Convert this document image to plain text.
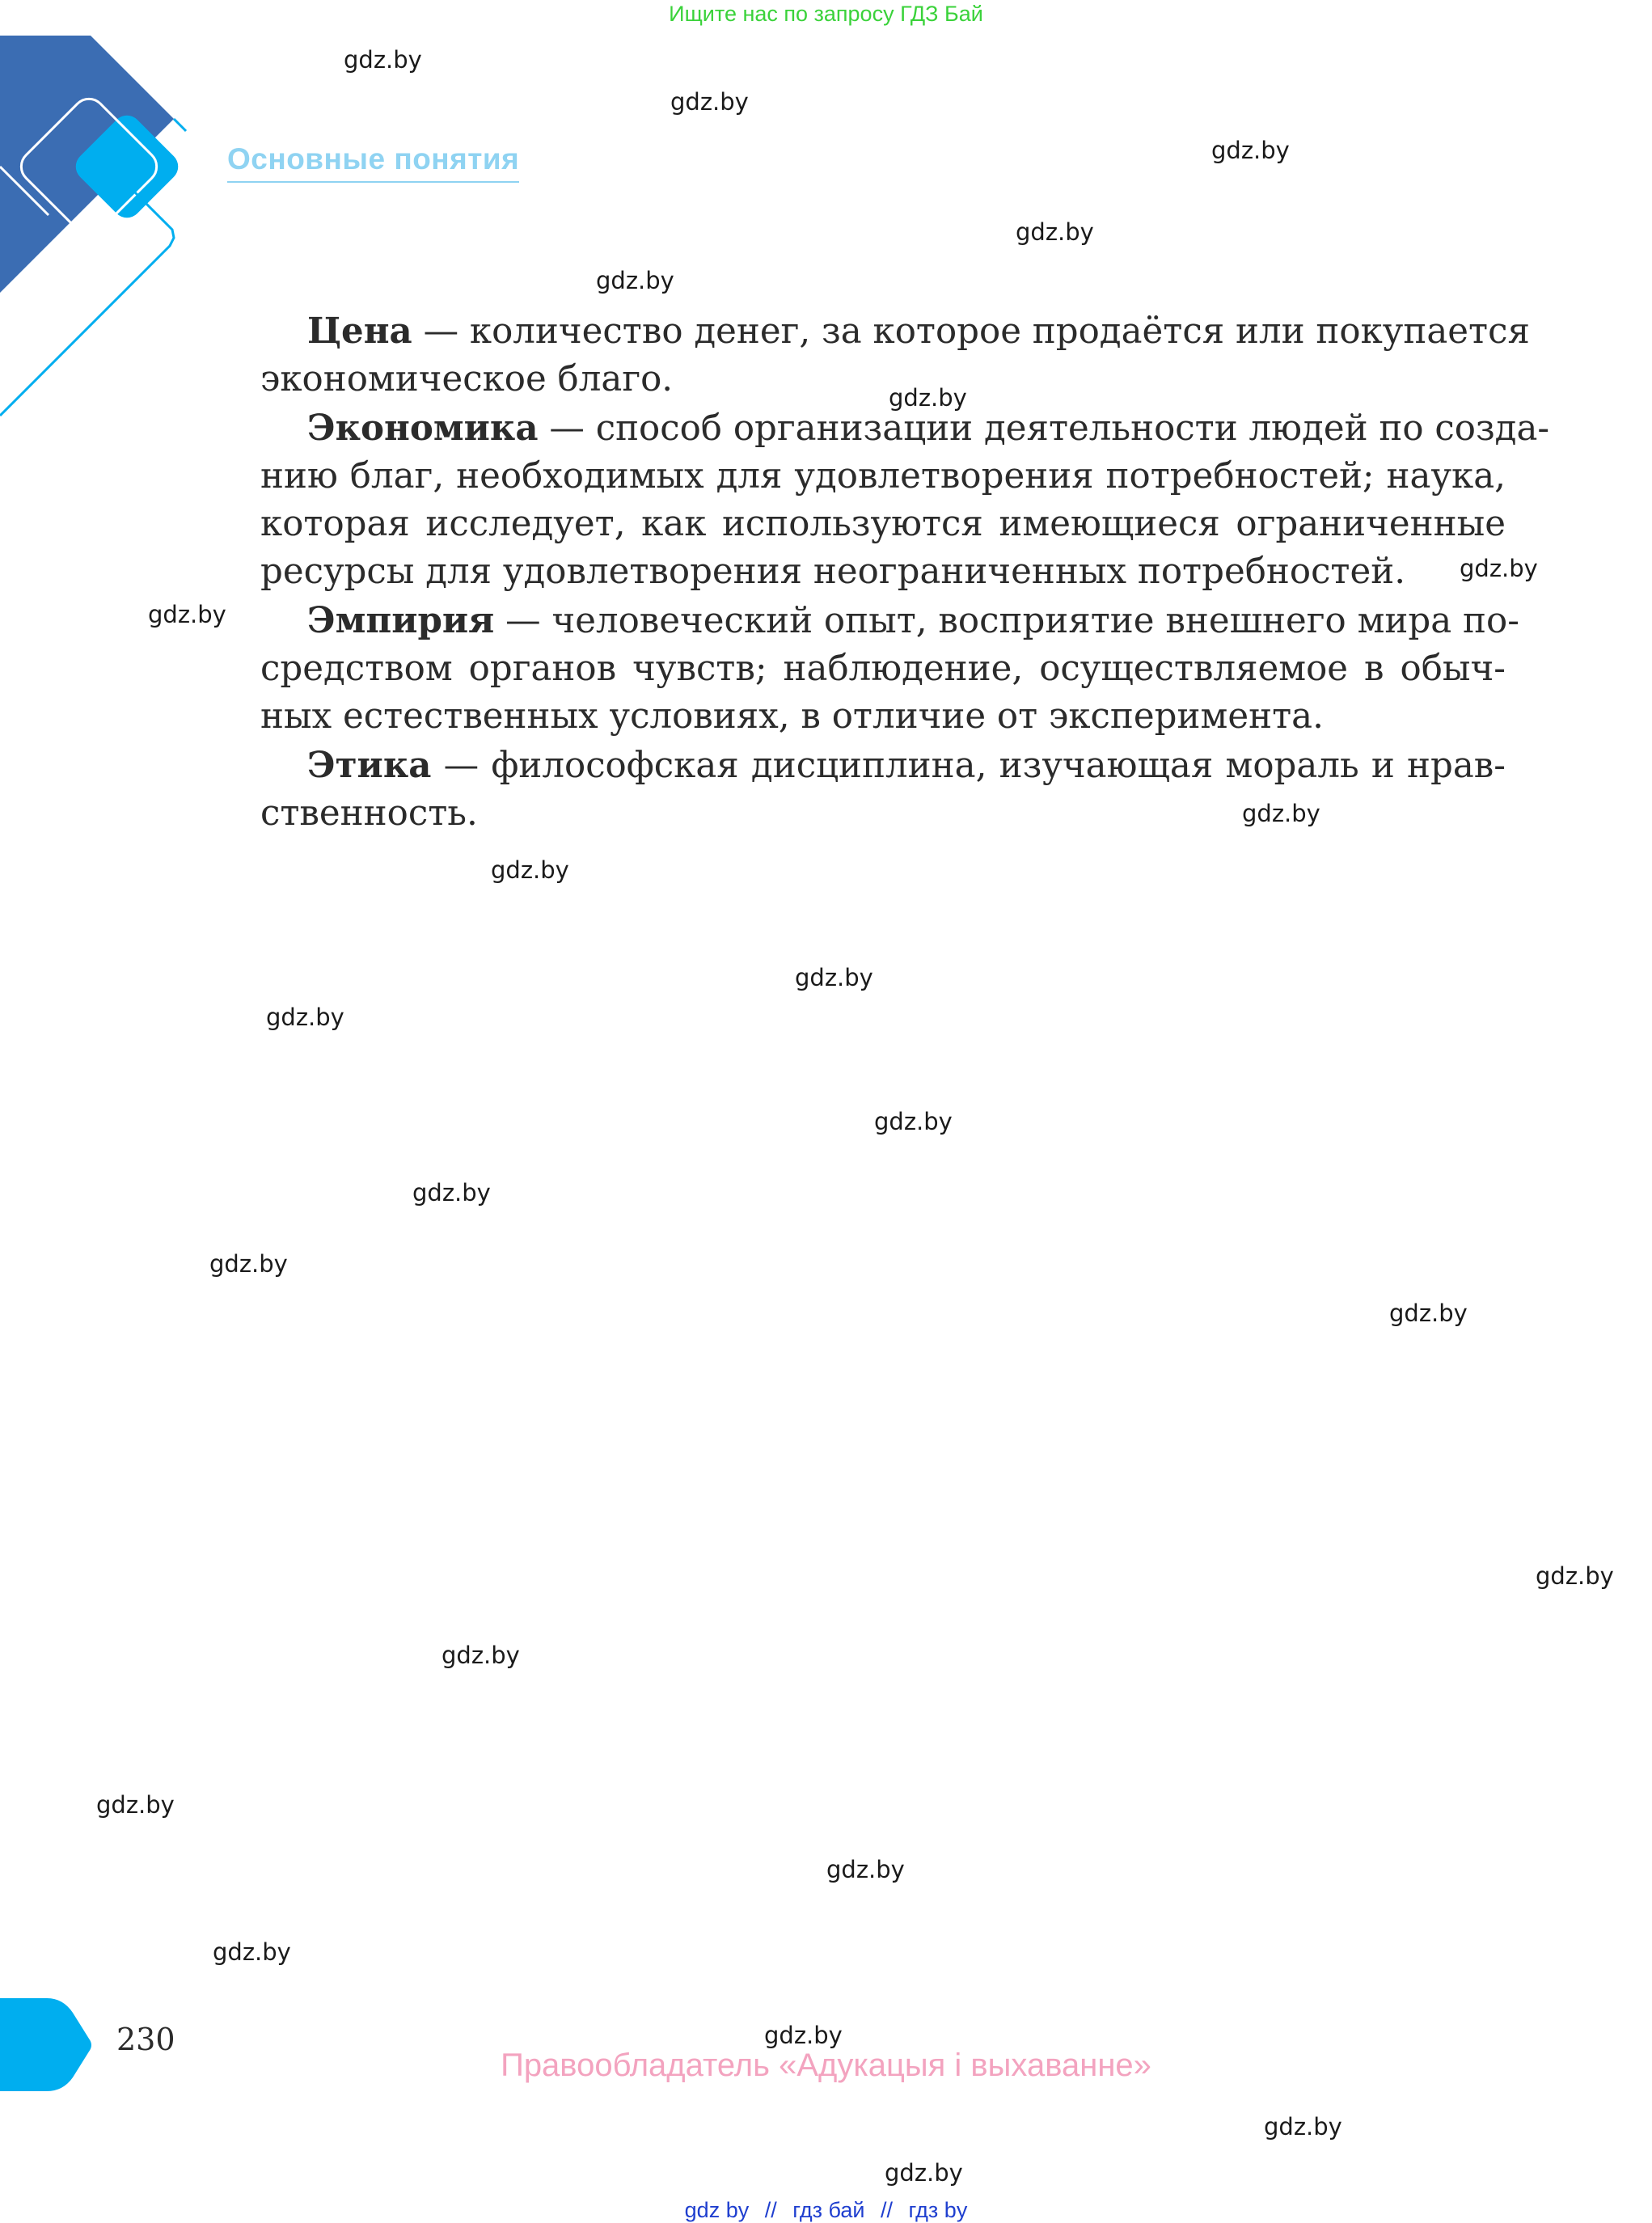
Ищите нас по запросу ГДЗ Бай
Основные понятия
Цена — количество денег, за которое продаётся или покупается
экономическое благо.
Экономика — способ организации деятельности людей по созда-
нию благ, необходимых для удовлетворения потребностей; наука,
которая исследует, как используются имеющиеся ограниченные
ресурсы для удовлетворения неограниченных потребностей.
Эмпирия — человеческий опыт, восприятие внешнего мира по-
средством органов чувств; наблюдение, осуществляемое в обыч-
ных естественных условиях, в отличие от эксперимента.
Этика — философская дисциплина, изучающая мораль и нрав-
ственность.
gdz.by
gdz.by
gdz.by
gdz.by
gdz.by
gdz.by
gdz.by
gdz.by
gdz.by
gdz.by
gdz.by
gdz.by
gdz.by
gdz.by
gdz.by
gdz.by
gdz.by
gdz.by
gdz.by
gdz.by
gdz.by
gdz.by
gdz.by
gdz.by
230
Правообладатель «Адукацыя і выхаванне»
gdz by // гдз бай // гдз by
